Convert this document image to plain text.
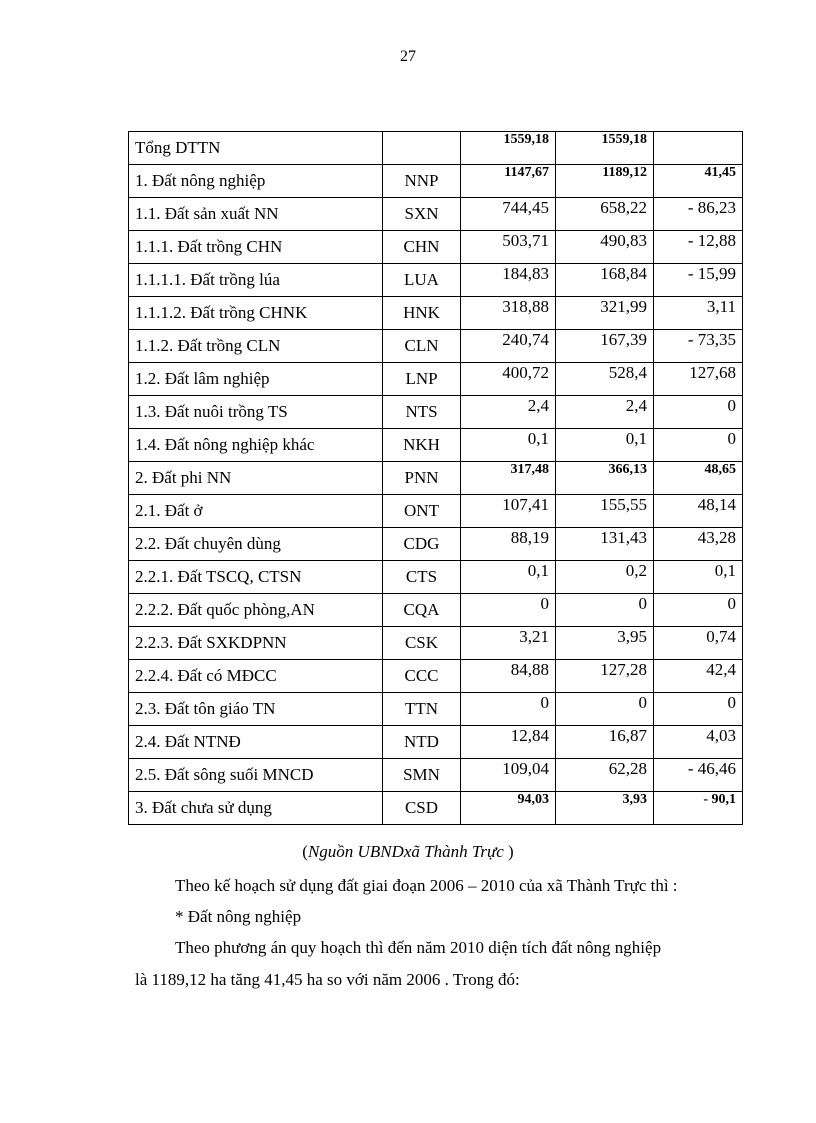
27
Tổng DTTN		1559,18	1559,18	
1. Đất nông nghiệp	NNP	1147,67	1189,12	41,45
1.1. Đất sản xuất NN	SXN	744,45	658,22	- 86,23
1.1.1. Đất trồng CHN	CHN	503,71	490,83	- 12,88
1.1.1.1. Đất trồng lúa	LUA	184,83	168,84	- 15,99
1.1.1.2. Đất trồng CHNK	HNK	318,88	321,99	3,11
1.1.2. Đất trồng CLN	CLN	240,74	167,39	- 73,35
1.2. Đất lâm nghiệp	LNP	400,72	528,4	127,68
1.3. Đất nuôi trồng TS	NTS	2,4	2,4	0
1.4. Đất nông nghiệp khác	NKH	0,1	0,1	0
2. Đất phi NN	PNN	317,48	366,13	48,65
2.1. Đất ở	ONT	107,41	155,55	48,14
2.2. Đất chuyên dùng	CDG	88,19	131,43	43,28
2.2.1. Đất TSCQ, CTSN	CTS	0,1	0,2	0,1
2.2.2. Đất quốc phòng,AN	CQA	0	0	0
2.2.3. Đất SXKDPNN	CSK	3,21	3,95	0,74
2.2.4. Đất có MĐCC	CCC	84,88	127,28	42,4
2.3. Đất tôn giáo TN	TTN	0	0	0
2.4. Đất NTNĐ	NTD	12,84	16,87	4,03
2.5. Đất sông suối MNCD	SMN	109,04	62,28	- 46,46
3. Đất chưa sử dụng	CSD	94,03	3,93	- 90,1
(Nguồn UBNDxã Thành Trực )
Theo kế hoạch sử dụng đất giai đoạn 2006 – 2010 của xã Thành Trực thì :
* Đất nông nghiệp
Theo phương án quy hoạch thì đến năm 2010 diện tích đất nông nghiệp
là 1189,12 ha tăng 41,45 ha so với năm 2006 . Trong đó:
